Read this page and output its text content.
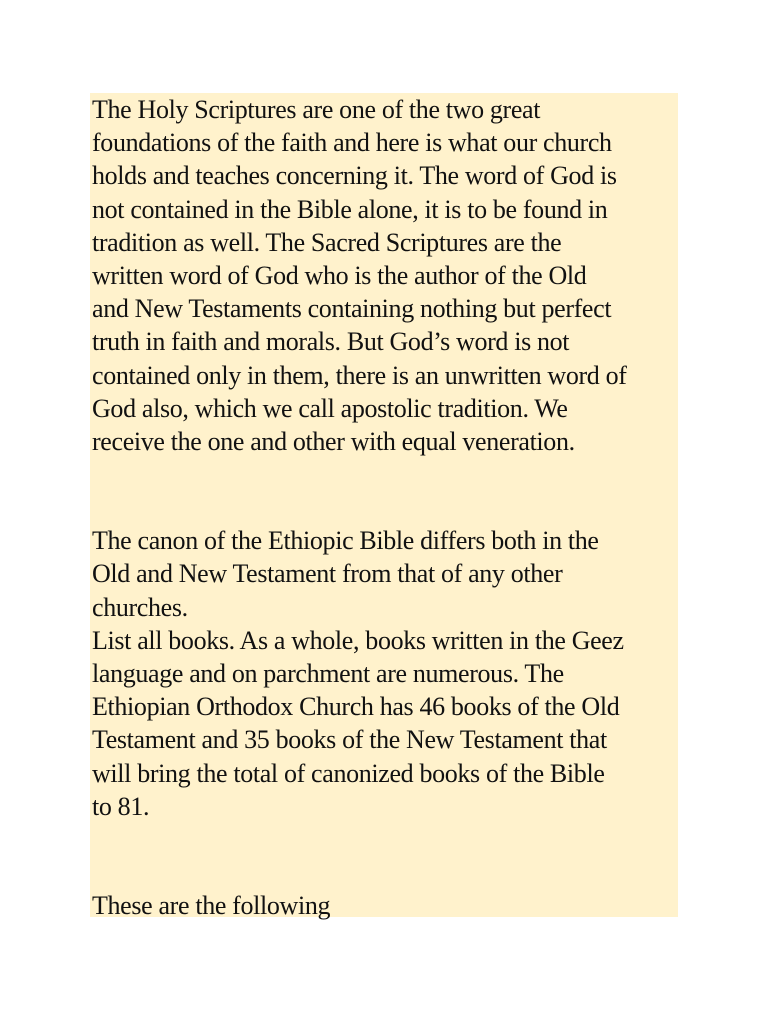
The Holy Scriptures are one of the two great

foundations of the faith and here is what our church

holds and teaches concerning it. The word of God is

not contained in the Bible alone, it is to be found in

tradition as well. The Sacred Scriptures are the

written word of God who is the author of the Old

and New Testaments containing nothing but perfect

truth in faith and morals. But God’s word is not

contained only in them, there is an unwritten word of

God also, which we call apostolic tradition. We

receive the one and other with equal veneration.

The canon of the Ethiopic Bible differs both in the

Old and New Testament from that of any other

churches.

List all books. As a whole, books written in the Geez

language and on parchment are numerous. The

Ethiopian Orthodox Church has 46 books of the Old

Testament and 35 books of the New Testament that

will bring the total of canonized books of the Bible

to 81.

These are the following
